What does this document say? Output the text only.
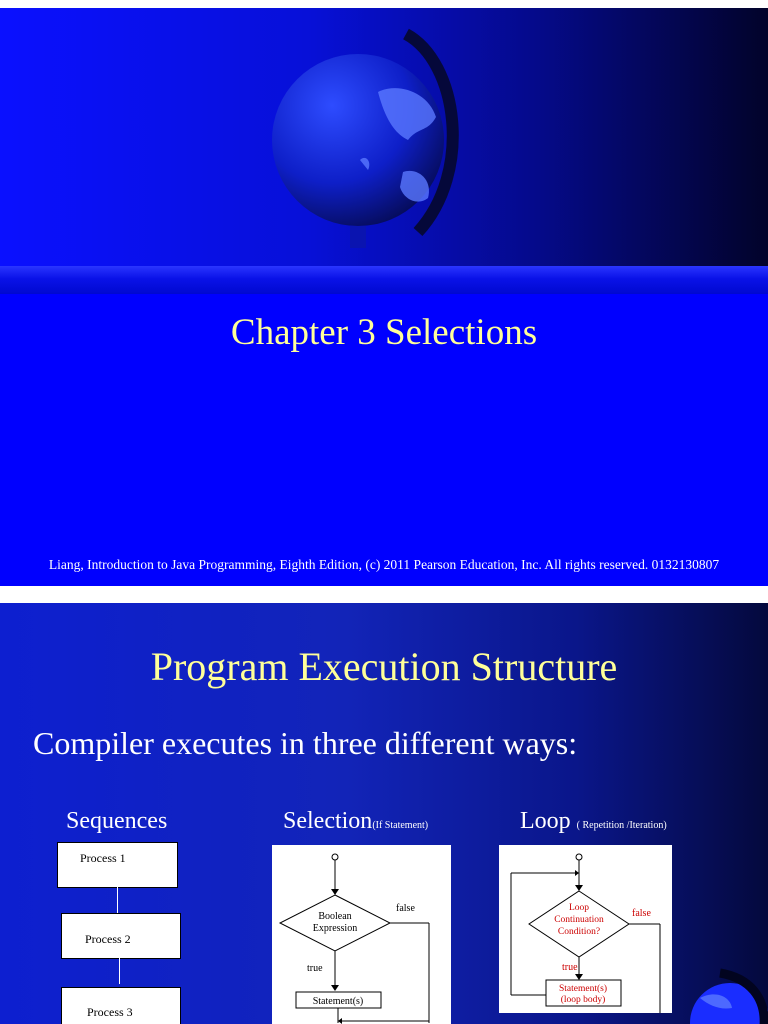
Chapter 3 Selections
Liang, Introduction to Java Programming, Eighth Edition, (c) 2011 Pearson Education, Inc. All rights reserved. 0132130807
Program Execution Structure
Compiler executes in three different ways:
Sequences	Selection(If Statement)	Loop ( Repetition /Iteration)
Process 1
Process 2
Process 3
Boolean
Expression
false
true
Statement(s)
Loop
Continuation
Condition?
false
true
Statement(s)
(loop body)
